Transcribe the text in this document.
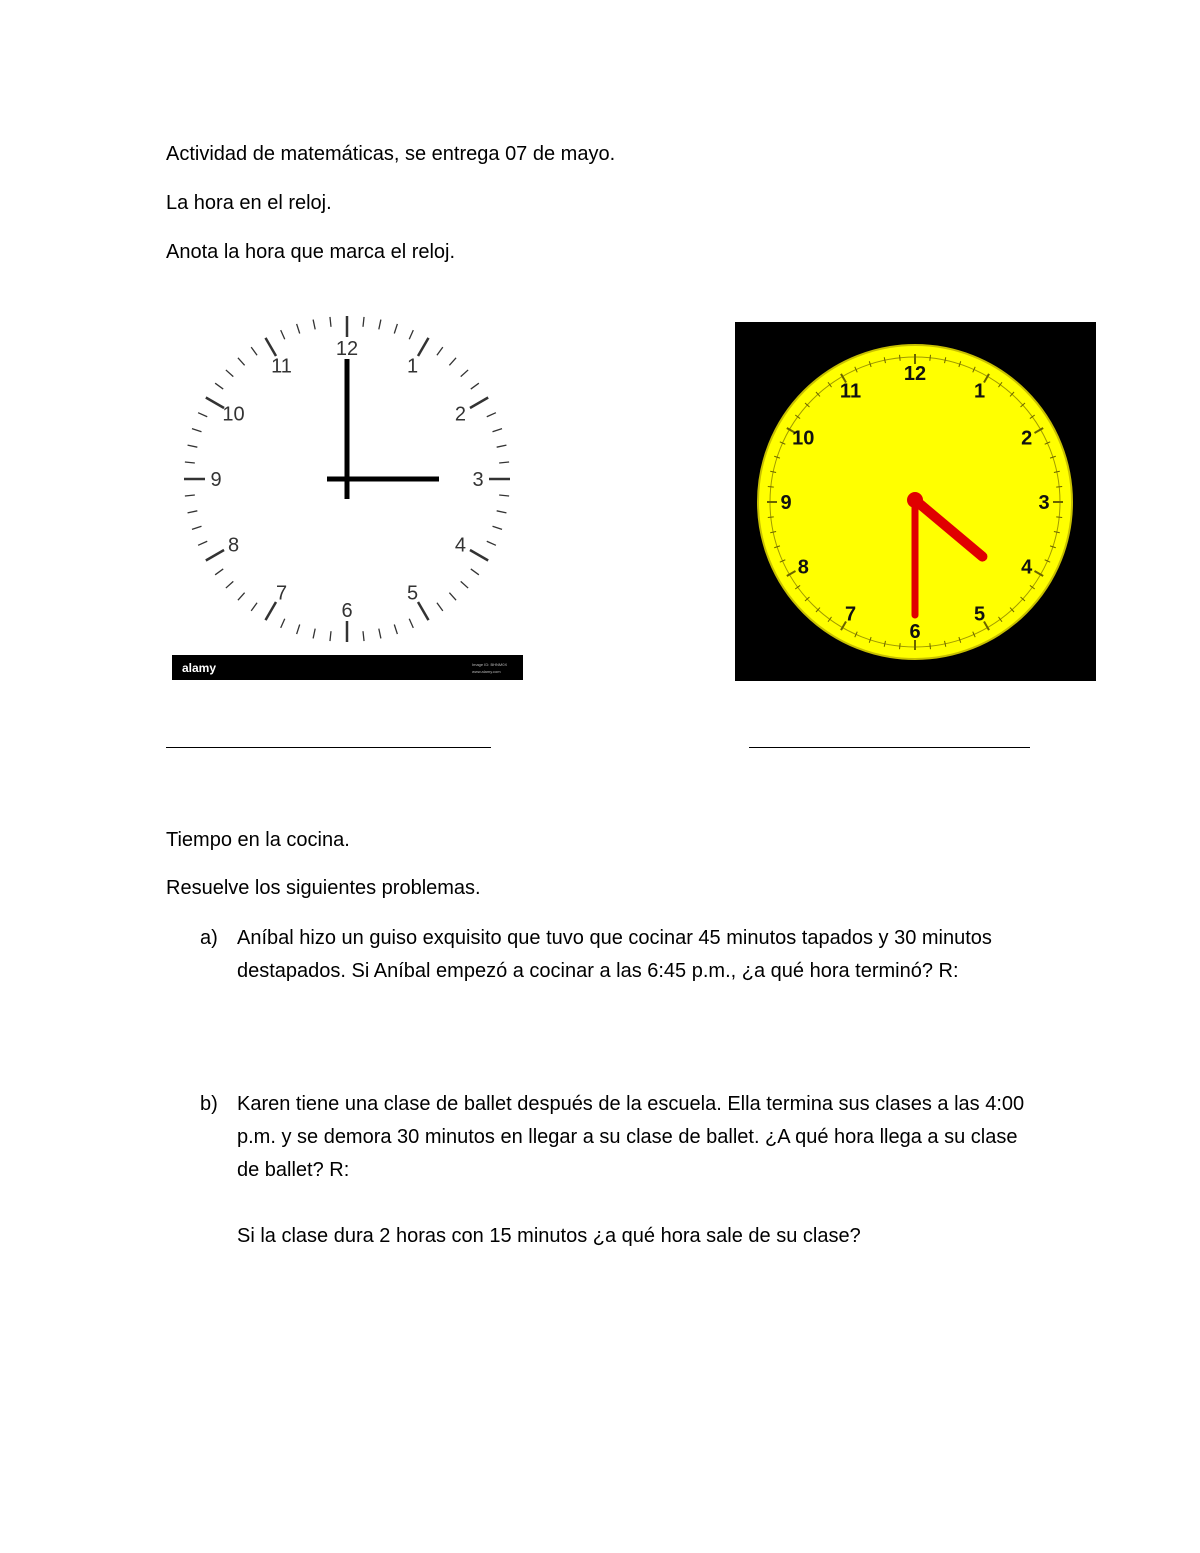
Actividad de matemáticas, se entrega 07 de mayo.
La hora en el reloj.
Anota la hora que marca el reloj.
12
1
2
3
4
5
6
7
8
9
10
11
alamy	Image ID: BHNM0X
www.alamy.com
12
1
2
3
4
5
6
7
8
9
10
11
Tiempo en la cocina.
Resuelve los siguientes problemas.
a) Aníbal hizo un guiso exquisito que tuvo que cocinar 45 minutos tapados y 30 minutos destapados. Si Aníbal empezó a cocinar a las 6:45 p.m., ¿a qué hora terminó? R:
b) Karen tiene una clase de ballet después de la escuela. Ella termina sus clases a las 4:00 p.m. y se demora 30 minutos en llegar a su clase de ballet. ¿A qué hora llega a su clase de ballet? R:
Si la clase dura 2 horas con 15 minutos ¿a qué hora sale de su clase?
